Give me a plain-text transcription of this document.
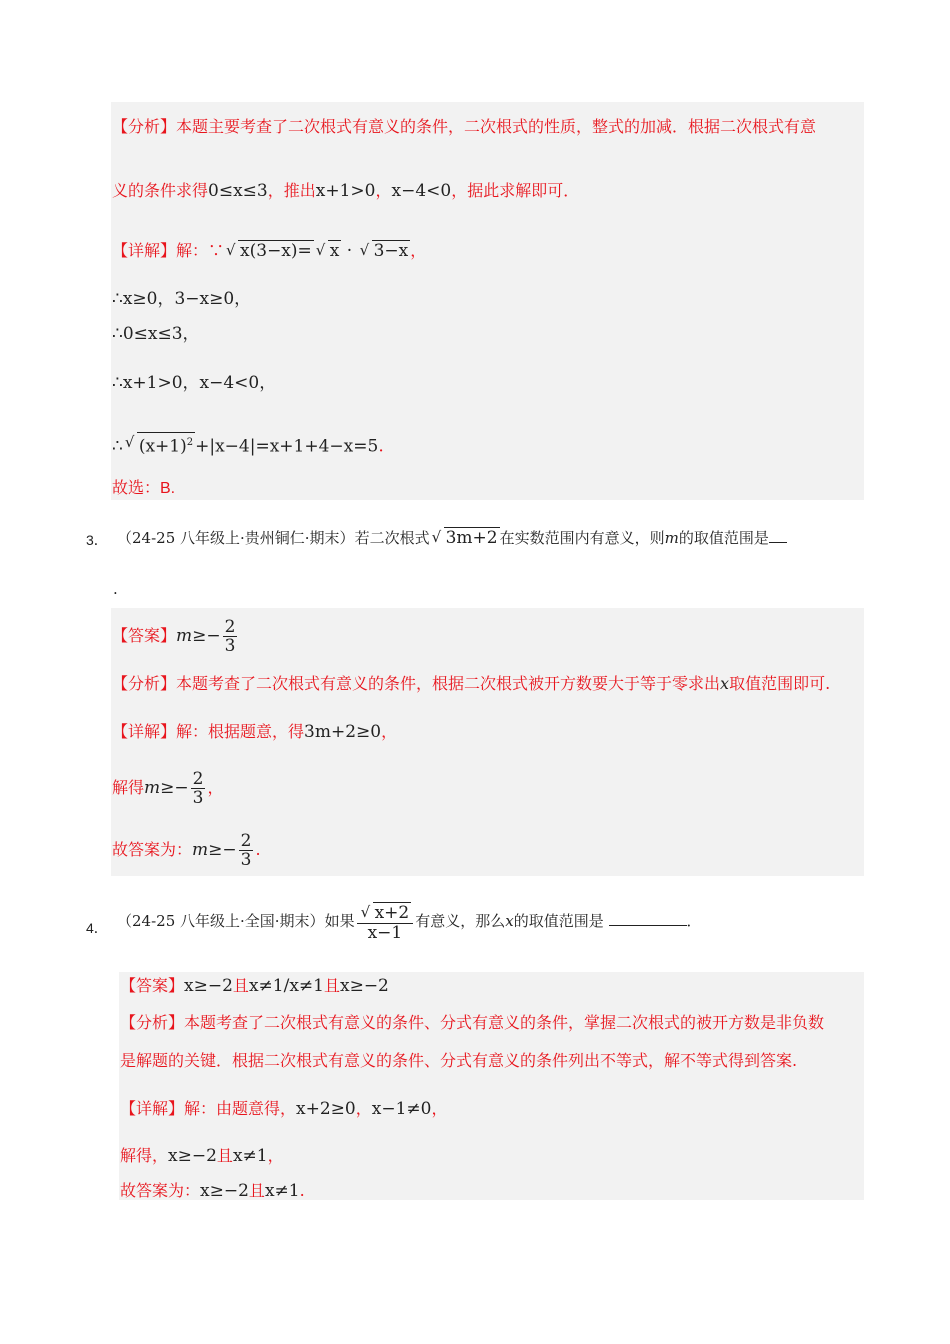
【分析】本题主要考查了二次根式有意义的条件，二次根式的性质，整式的加减．根据二次根式有意
义的条件求得0≤x≤3，推出x+1>0，x−4<0，据此求解即可．
【详解】解：∵ √ x(3−x)= √ x · √ 3−x ，
∴x≥0，3−x≥0，
∴0≤x≤3，
∴x+1>0，x−4<0，
∴ √ $(x+1)^2 +|x-4|=x+1+4-x=5$.
故选：B.
3． （24-25 八年级上·贵州铜仁·期末）若二次根式 √ 3m+2 在实数范围内有意义，则m的取值范围是
.
【答案】$m\ge- \frac{2}{3}$
【分析】本题考查了二次根式有意义的条件，根据二次根式被开方数要大于等于零求出x取值范围即可.
【详解】解：根据题意，得3m+2≥0，
解得$m\ge- \frac{2}{3}$ ，
故答案为：$m\ge- \frac{2}{3}$ .
4． （24-25 八年级上·全国·期末）如果 $\frac{√ x+2}{x-1}$ 有意义，那么x的取值范围是	．
【答案】x≥−2且x≠1/x≠1且x≥−2
【分析】本题考查了二次根式有意义的条件、分式有意义的条件，掌握二次根式的被开方数是非负数
是解题的关键．根据二次根式有意义的条件、分式有意义的条件列出不等式，解不等式得到答案.
【详解】解：由题意得，x+2≥0，x−1≠0，
解得，x≥−2且x≠1，
故答案为：x≥−2且x≠1.
